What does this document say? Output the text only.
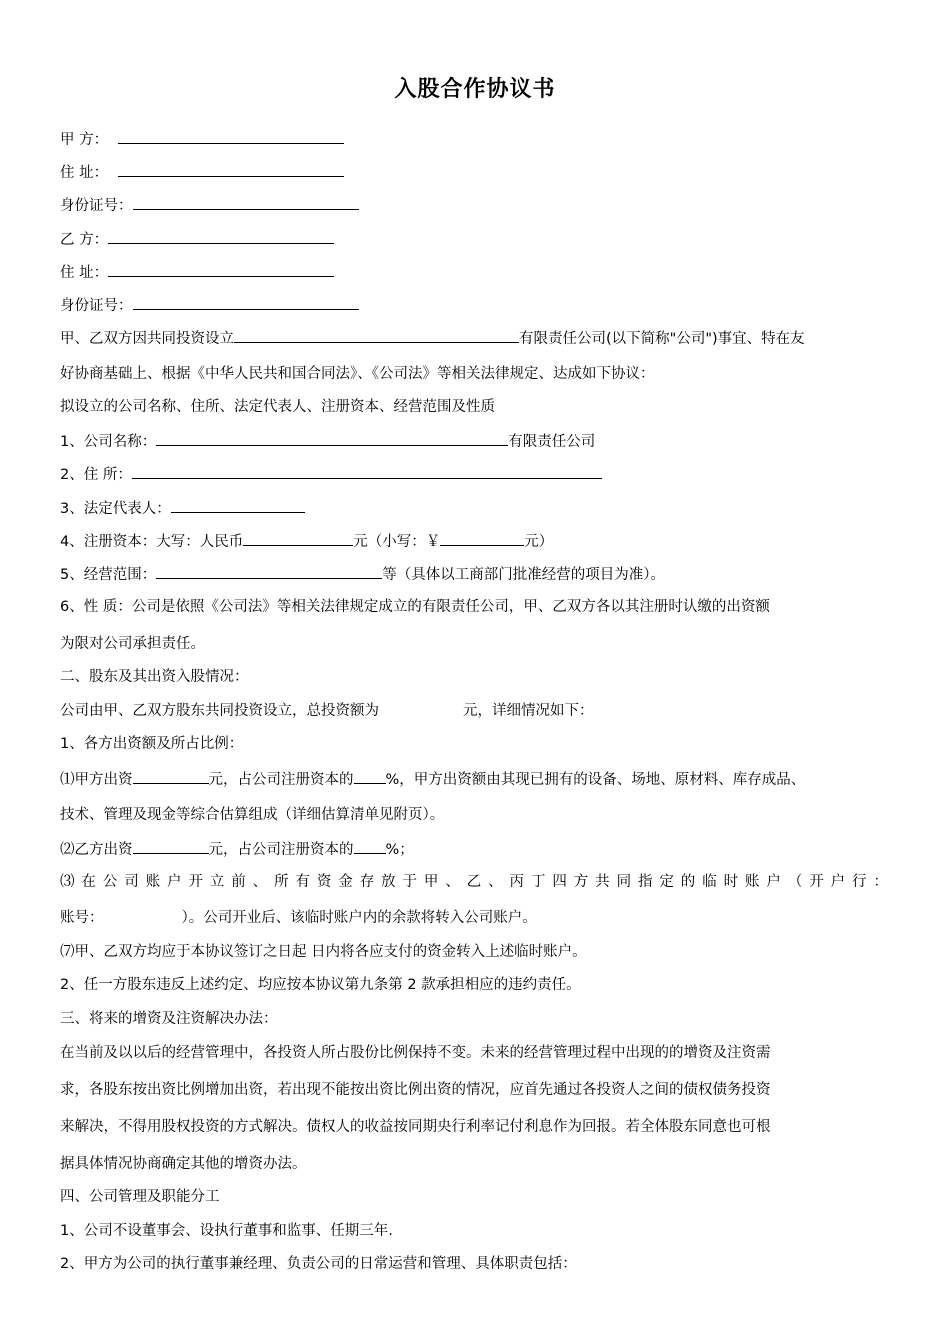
入股合作协议书
甲 方：
住 址：
身份证号：
乙 方：
住 址：
身份证号：
甲、乙双方因共同投资设立	有限责任公司(以下简称"公司")事宜、特在友
好协商基础上、根据《中华人民共和国合同法》、《公司法》等相关法律规定、达成如下协议：
拟设立的公司名称、住所、法定代表人、注册资本、经营范围及性质
1、公司名称：	有限责任公司
2、住 所：
3、法定代表人：
4、注册资本：大写：人民币	元（小写：￥	元）
5、经营范围：	等（具体以工商部门批准经营的项目为准）。
6、性 质：公司是依照《公司法》等相关法律规定成立的有限责任公司，甲、乙双方各以其注册时认缴的出资额
为限对公司承担责任。
二、股东及其出资入股情况：
公司由甲、乙双方股东共同投资设立，总投资额为	元，详细情况如下：
1、各方出资额及所占比例：
⑴甲方出资	元，占公司注册资本的 %，甲方出资额由其现已拥有的设备、场地、原材料、库存成品、
技术、管理及现金等综合估算组成（详细估算清单见附页）。
⑵乙方出资	元，占公司注册资本的 %；
⑶ 在 公 司 账 户 开 立 前 、 所 有 资 金 存 放 于 甲 、 乙 、 丙 丁 四 方 共 同 指 定 的 临 时 账 户 （ 开 户 行 ：
账号：	）。公司开业后、该临时账户内的余款将转入公司账户。
⑺甲、乙双方均应于本协议签订之日起 日内将各应支付的资金转入上述临时账户。
2、任一方股东违反上述约定、均应按本协议第九条第 2 款承担相应的违约责任。
三、将来的增资及注资解决办法：
在当前及以以后的经营管理中，各投资人所占股份比例保持不变。未来的经营管理过程中出现的的增资及注资需
求，各股东按出资比例增加出资，若出现不能按出资比例出资的情况，应首先通过各投资人之间的债权债务投资
来解决，不得用股权投资的方式解决。债权人的收益按同期央行利率记付利息作为回报。若全体股东同意也可根
据具体情况协商确定其他的增资办法。
四、公司管理及职能分工
1、公司不设董事会、设执行董事和监事、任期三年.
2、甲方为公司的执行董事兼经理、负责公司的日常运营和管理、具体职责包括：
